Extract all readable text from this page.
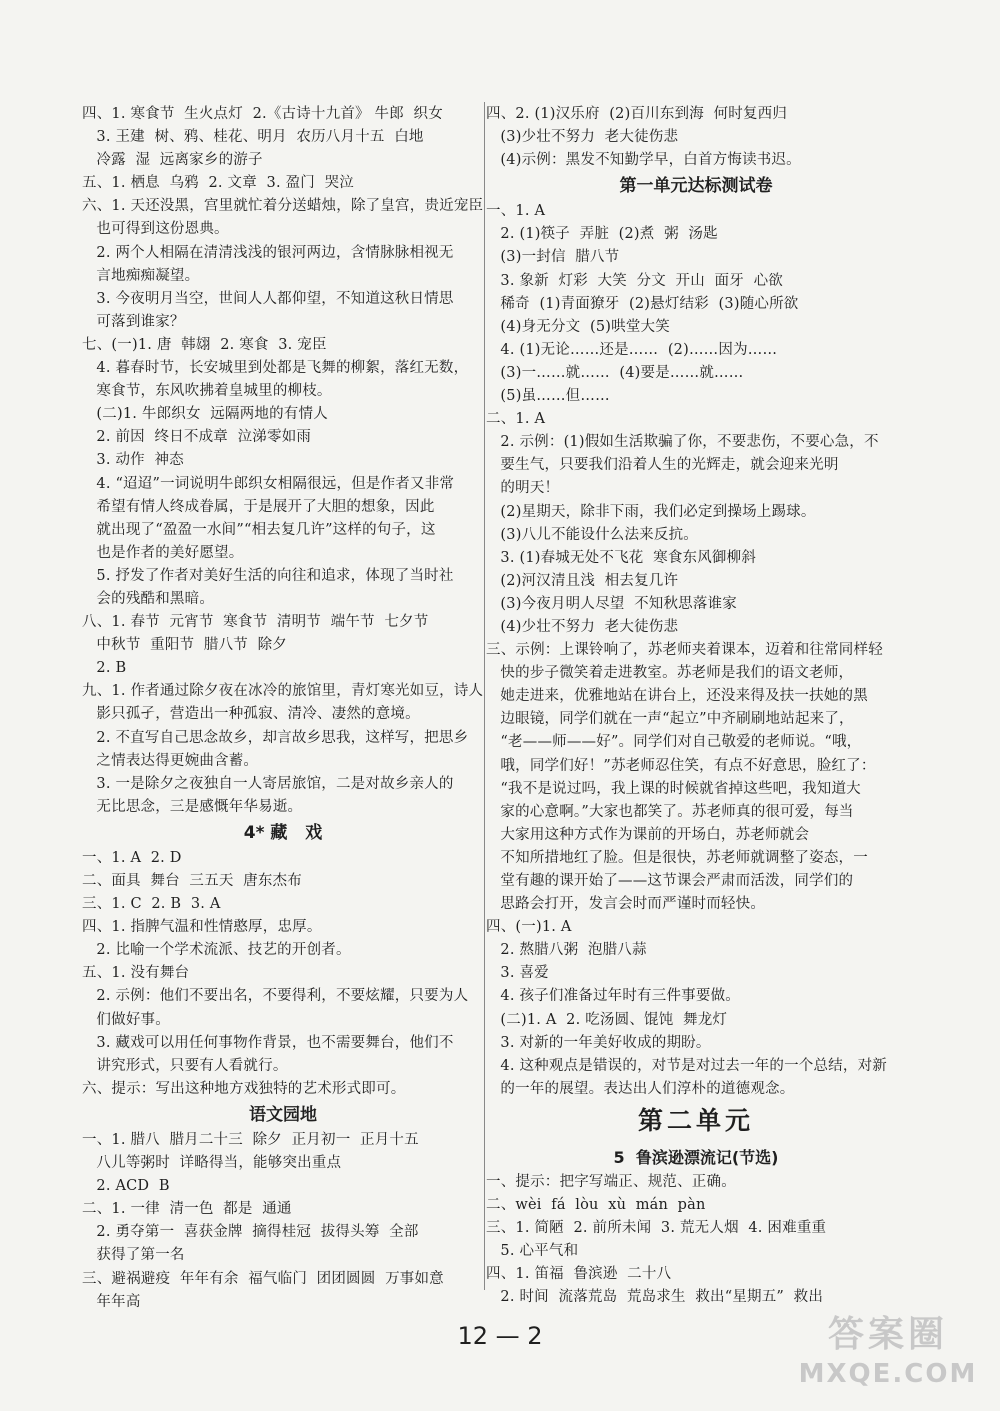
四、1. 寒食节  生火点灯  2.《古诗十九首》 牛郎  织女
3. 王建  树、鸦、桂花、明月  农历八月十五  白地
冷露  湿  远离家乡的游子
五、1. 栖息  乌鸦  2. 文章  3. 盈门  哭泣
六、1. 天还没黑，宫里就忙着分送蜡烛，除了皇宫，贵近宠臣
也可得到这份恩典。
2. 两个人相隔在清清浅浅的银河两边，含情脉脉相视无
言地痴痴凝望。
3. 今夜明月当空，世间人人都仰望，不知道这秋日情思
可落到谁家？
七、(一)1. 唐  韩翃  2. 寒食  3. 宠臣
4. 暮春时节，长安城里到处都是飞舞的柳絮，落红无数，
寒食节，东风吹拂着皇城里的柳枝。
(二)1. 牛郎织女  远隔两地的有情人
2. 前因  终日不成章  泣涕零如雨
3. 动作  神态
4. “迢迢”一词说明牛郎织女相隔很远，但是作者又非常
希望有情人终成眷属，于是展开了大胆的想象，因此
就出现了“盈盈一水间”“相去复几许”这样的句子，这
也是作者的美好愿望。
5. 抒发了作者对美好生活的向往和追求，体现了当时社
会的残酷和黑暗。
八、1. 春节  元宵节  寒食节  清明节  端午节  七夕节
中秋节  重阳节  腊八节  除夕
2. B
九、1. 作者通过除夕夜在冰冷的旅馆里，青灯寒光如豆，诗人
影只孤孑，营造出一种孤寂、清冷、凄然的意境。
2. 不直写自己思念故乡，却言故乡思我，这样写，把思乡
之情表达得更婉曲含蓄。
3. 一是除夕之夜独自一人寄居旅馆，二是对故乡亲人的
无比思念，三是感慨年华易逝。
4* 藏   戏
一、1. A  2. D
二、面具  舞台  三五天  唐东杰布
三、1. C  2. B  3. A
四、1. 指脾气温和性情憨厚，忠厚。
2. 比喻一个学术流派、技艺的开创者。
五、1. 没有舞台
2. 示例：他们不要出名，不要得利，不要炫耀，只要为人
们做好事。
3. 藏戏可以用任何事物作背景，也不需要舞台，他们不
讲究形式，只要有人看就行。
六、提示：写出这种地方戏独特的艺术形式即可。
语文园地
一、1. 腊八  腊月二十三  除夕  正月初一  正月十五
八儿等粥时  详略得当，能够突出重点
2. ACD  B
二、1. 一律  清一色  都是  通通
2. 勇夺第一  喜获金牌  摘得桂冠  拔得头筹  全部
获得了第一名
三、避祸避疫  年年有余  福气临门  团团圆圆  万事如意
年年高
四、2. (1)汉乐府  (2)百川东到海  何时复西归
(3)少壮不努力  老大徒伤悲
(4)示例：黑发不知勤学早，白首方悔读书迟。
第一单元达标测试卷
一、1. A
2. (1)筷子  弄脏  (2)煮  粥  汤匙
(3)一封信  腊八节
3. 象新  灯彩  大笑  分文  开山  面牙  心欲
稀奇  (1)青面獠牙  (2)悬灯结彩  (3)随心所欲
(4)身无分文  (5)哄堂大笑
4. (1)无论……还是……  (2)……因为……
(3)一……就……  (4)要是……就……
(5)虽……但……
二、1. A
2. 示例：(1)假如生活欺骗了你，不要悲伤，不要心急，不
要生气，只要我们沿着人生的光辉走，就会迎来光明
的明天！
(2)星期天，除非下雨，我们必定到操场上踢球。
(3)八儿不能设什么法来反抗。
3. (1)春城无处不飞花  寒食东风御柳斜
(2)河汉清且浅  相去复几许
(3)今夜月明人尽望  不知秋思落谁家
(4)少壮不努力  老大徒伤悲
三、示例：上课铃响了，苏老师夹着课本，迈着和往常同样轻
快的步子微笑着走进教室。苏老师是我们的语文老师，
她走进来，优雅地站在讲台上，还没来得及扶一扶她的黑
边眼镜，同学们就在一声“起立”中齐刷刷地站起来了，
“老——师——好”。同学们对自己敬爱的老师说。“哦，
哦，同学们好！”苏老师忍住笑，有点不好意思，脸红了：
“我不是说过吗，我上课的时候就省掉这些吧，我知道大
家的心意啊。”大家也都笑了。苏老师真的很可爱，每当
大家用这种方式作为课前的开场白，苏老师就会
不知所措地红了脸。但是很快，苏老师就调整了姿态，一
堂有趣的课开始了——这节课会严肃而活泼，同学们的
思路会打开，发言会时而严谨时而轻快。
四、(一)1. A
2. 熬腊八粥  泡腊八蒜
3. 喜爱
4. 孩子们准备过年时有三件事要做。
(二)1. A  2. 吃汤圆、馄饨  舞龙灯
3. 对新的一年美好收成的期盼。
4. 这种观点是错误的，对节是对过去一年的一个总结，对新
的一年的展望。表达出人们淳朴的道德观念。
第二单元
5  鲁滨逊漂流记(节选)
一、提示：把字写端正、规范、正确。
二、wèi  fá  lòu  xù  mán  pàn
三、1. 简陋  2. 前所未闻  3. 荒无人烟  4. 困难重重
5. 心平气和
四、1. 笛福  鲁滨逊  二十八
2. 时间  流落荒岛  荒岛求生  救出“星期五”  救出
12 — 2	答案圈
MXQE.COM
